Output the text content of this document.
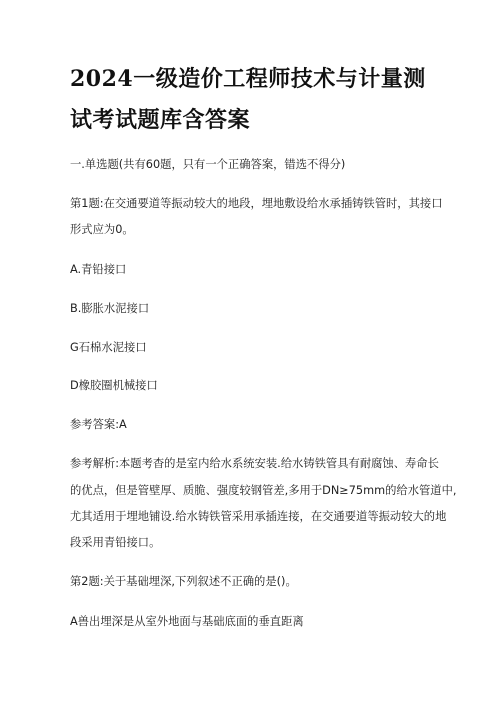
2024一级造价工程师技术与计量测
试考试题库含答案
一.单选题(共有60题，只有一个正确答案，错选不得分)
第1题:在交通要道等振动较大的地段，埋地敷设给水承插铸铁管时，其接口
形式应为0。
A.青铅接口
B.膨胀水泥接口
G石棉水泥接口
D橡胶圈机械接口
参考答案:A
参考解析:本题考杳的是室内给水系统安装.给水铸铁管具有耐腐蚀、寿命长
的优点，但是管壁厚、质脆、强度较钢管差,多用于DN≥75mm的给水管道中,
尤其适用于埋地铺设.给水铸铁管采用承插连接，在交通要道等振动较大的地
段采用青铅接口。
第2题:关于基础埋深,下列叙述不正确的是()。
A兽出埋深是从室外地面与基础底面的垂直距离
